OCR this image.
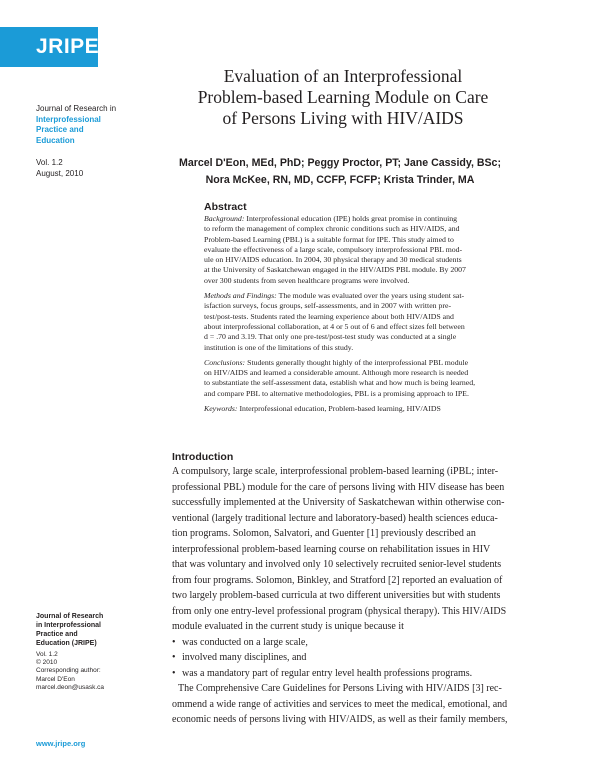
JRIPE
Journal of Research in
Interprofessional
Practice and
Education
Vol. 1.2
August, 2010
Journal of Research
in Interprofessional
Practice and
Education (JRIPE)
Vol. 1.2
© 2010
Corresponding author:
Marcel D'Eon
marcel.deon@usask.ca
www.jripe.org
Evaluation of an Interprofessional
Problem-based Learning Module on Care
of Persons Living with HIV/AIDS
Marcel D'Eon, MEd, PhD; Peggy Proctor, PT; Jane Cassidy, BSc;
Nora McKee, RN, MD, CCFP, FCFP; Krista Trinder, MA
Abstract
Background: Interprofessional education (IPE) holds great promise in continuing
to reform the management of complex chronic conditions such as HIV/AIDS, and
Problem-based Learning (PBL) is a suitable format for IPE. This study aimed to
evaluate the effectiveness of a large scale, compulsory interprofessional PBL mod-
ule on HIV/AIDS education. In 2004, 30 physical therapy and 30 medical students
at the University of Saskatchewan engaged in the HIV/AIDS PBL module. By 2007
over 300 students from seven healthcare programs were involved.
Methods and Findings: The module was evaluated over the years using student sat-
isfaction surveys, focus groups, self-assessments, and in 2007 with written pre-
test/post-tests. Students rated the learning experience about both HIV/AIDS and
about interprofessional collaboration, at 4 or 5 out of 6 and effect sizes fell between
d = .70 and 3.19. That only one pre-test/post-test study was conducted at a single
institution is one of the limitations of this study.
Conclusions: Students generally thought highly of the interprofessional PBL module
on HIV/AIDS and learned a considerable amount. Although more research is needed
to substantiate the self-assessment data, establish what and how much is being learned,
and compare PBL to alternative methodologies, PBL is a promising approach to IPE.
Keywords: Interprofessional education, Problem-based learning, HIV/AIDS
Introduction
A compulsory, large scale, interprofessional problem-based learning (iPBL; inter-
professional PBL) module for the care of persons living with HIV disease has been
successfully implemented at the University of Saskatchewan within otherwise con-
ventional (largely traditional lecture and laboratory-based) health sciences educa-
tion programs. Solomon, Salvatori, and Guenter [1] previously described an
interprofessional problem-based learning course on rehabilitation issues in HIV
that was voluntary and involved only 10 selectively recruited senior-level students
from four programs. Solomon, Binkley, and Stratford [2] reported an evaluation of
two largely problem-based curricula at two different universities but with students
from only one entry-level professional program (physical therapy). This HIV/AIDS
module evaluated in the current study is unique because it
• was conducted on a large scale,
• involved many disciplines, and
• was a mandatory part of regular entry level health professions programs.
The Comprehensive Care Guidelines for Persons Living with HIV/AIDS [3] rec-
ommend a wide range of activities and services to meet the medical, emotional, and
economic needs of persons living with HIV/AIDS, as well as their family members,
